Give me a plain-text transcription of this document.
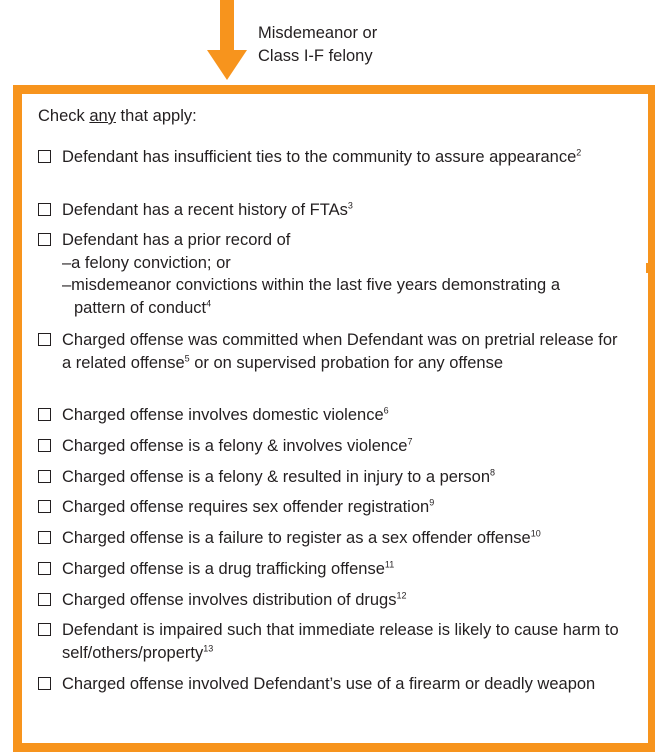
Misdemeanor or
Class I-F felony
Check any that apply:
Defendant has insufficient ties to the community to assure appearance$^2$
Defendant has a recent history of FTAs$^3$
Defendant has a prior record of
–a felony conviction; or
–misdemeanor convictions within the last five years demonstrating a
pattern of conduct$^4$
Charged offense was committed when Defendant was on pretrial release for a related offense$^5$ or on supervised probation for any offense
Charged offense involves domestic violence$^6$
Charged offense is a felony & involves violence$^7$
Charged offense is a felony & resulted in injury to a person$^8$
Charged offense requires sex offender registration$^9$
Charged offense is a failure to register as a sex offender offense$^{10}$
Charged offense is a drug trafficking offense$^{11}$
Charged offense involves distribution of drugs$^{12}$
Defendant is impaired such that immediate release is likely to cause harm to self/others/property$^{13}$
Charged offense involved Defendant’s use of a firearm or deadly weapon
